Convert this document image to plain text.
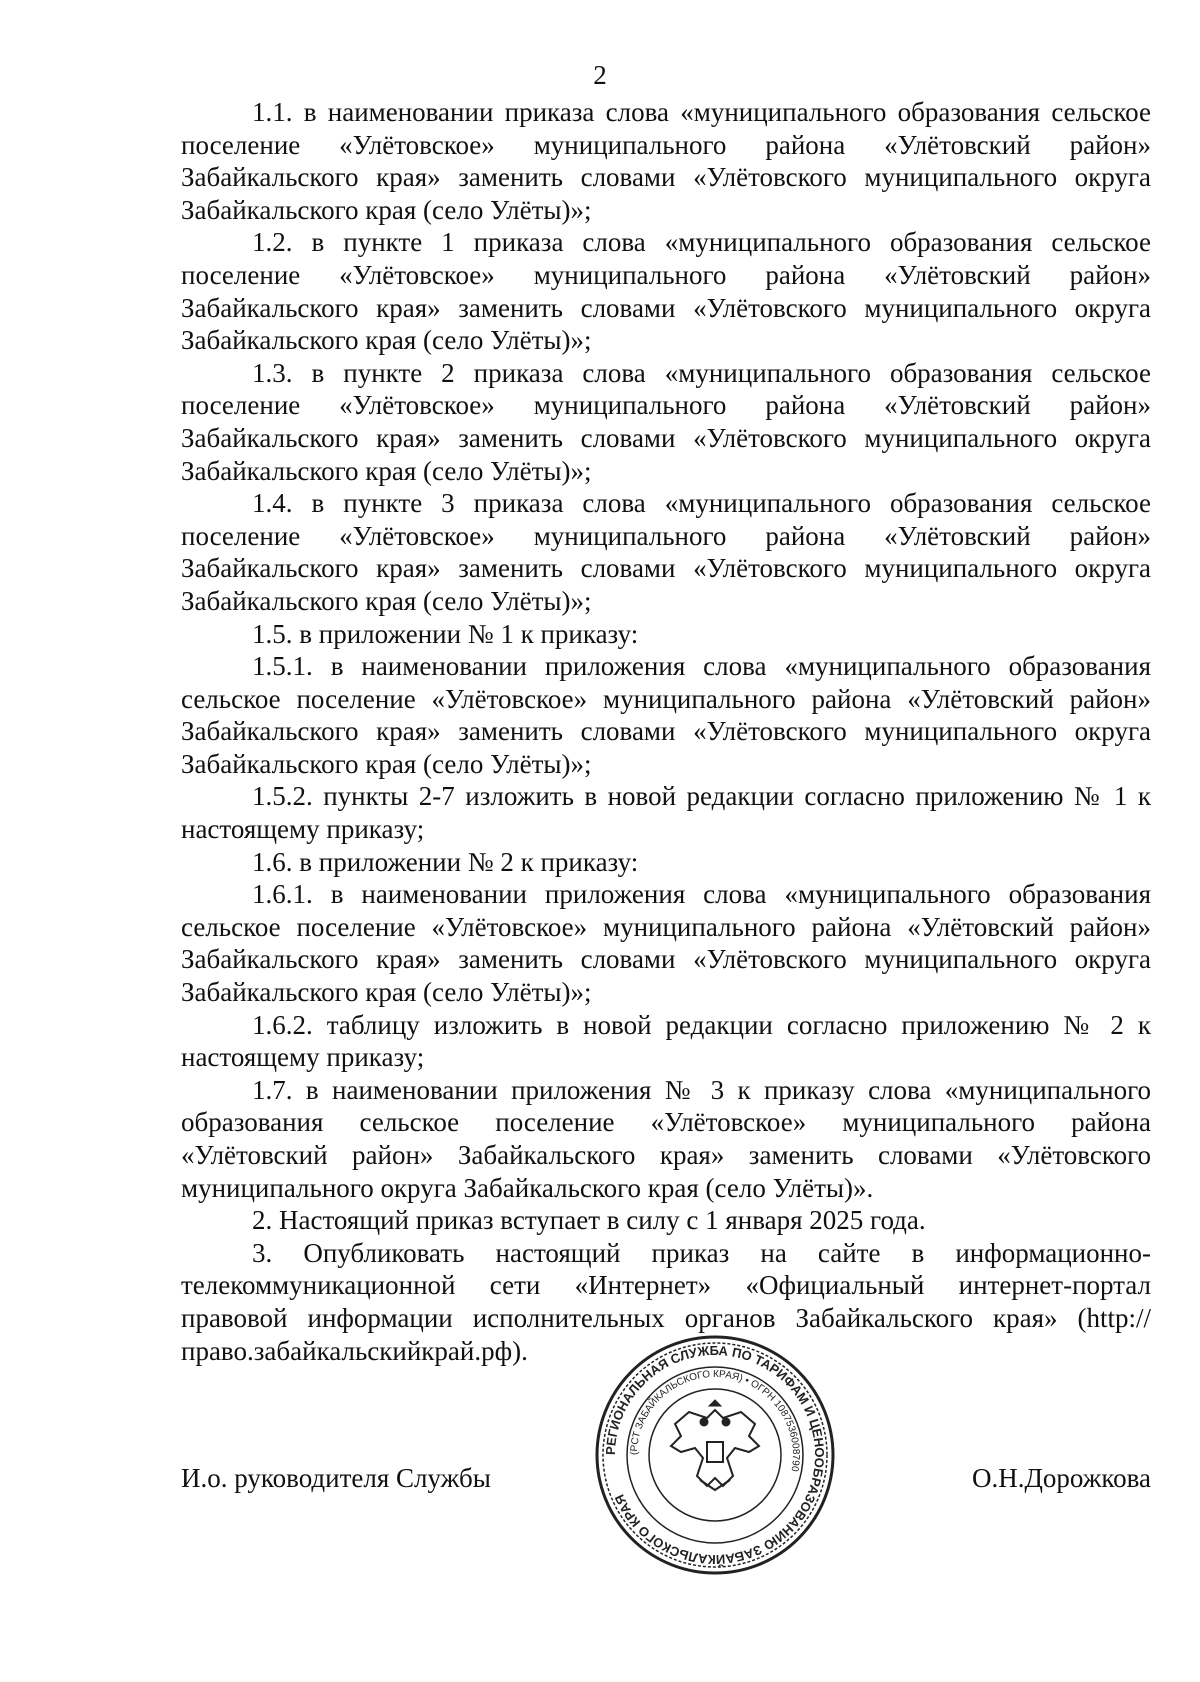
2

1.1. в наименовании приказа слова «муниципального образования сельское поселение «Улётовское» муниципального района «Улётовский район» Забайкальского края» заменить словами «Улётовского муниципального округа Забайкальского края (село Улёты)»;

1.2. в пункте 1 приказа слова «муниципального образования сельское поселение «Улётовское» муниципального района «Улётовский район» Забайкальского края» заменить словами «Улётовского муниципального округа Забайкальского края (село Улёты)»;

1.3. в пункте 2 приказа слова «муниципального образования сельское поселение «Улётовское» муниципального района «Улётовский район» Забайкальского края» заменить словами «Улётовского муниципального округа Забайкальского края (село Улёты)»;

1.4. в пункте 3 приказа слова «муниципального образования сельское поселение «Улётовское» муниципального района «Улётовский район» Забайкальского края» заменить словами «Улётовского муниципального округа Забайкальского края (село Улёты)»;

1.5. в приложении № 1 к приказу:

1.5.1. в наименовании приложения слова «муниципального образования сельское поселение «Улётовское» муниципального района «Улётовский район» Забайкальского края» заменить словами «Улётовского муниципального округа Забайкальского края (село Улёты)»;

1.5.2. пункты 2-7 изложить в новой редакции согласно приложению № 1 к настоящему приказу;

1.6. в приложении № 2 к приказу:

1.6.1. в наименовании приложения слова «муниципального образования сельское поселение «Улётовское» муниципального района «Улётовский район» Забайкальского края» заменить словами «Улётовского муниципального округа Забайкальского края (село Улёты)»;

1.6.2. таблицу изложить в новой редакции согласно приложению № 2 к настоящему приказу;

1.7. в наименовании приложения № 3 к приказу слова «муниципального образования сельское поселение «Улётовское» муниципального района «Улётовский район» Забайкальского края» заменить словами «Улётовского муниципального округа Забайкальского края (село Улёты)».

2. Настоящий приказ вступает в силу с 1 января 2025 года.

3. Опубликовать настоящий приказ на сайте в информационно-телекоммуникационной сети «Интернет» «Официальный интернет-портал правовой информации исполнительных органов Забайкальского края» (http://право.забайкальскийкрай.рф).

РЕГИОНАЛЬНАЯ СЛУЖБА ПО ТАРИФАМ И ЦЕНООБРАЗОВАНИЮ ЗАБАЙКАЛЬСКОГО КРАЯ
(РСТ ЗАБАЙКАЛЬСКОГО КРАЯ) • ОГРН 1087536008790
И.о. руководителя Службы	О.Н.Дорожкова
